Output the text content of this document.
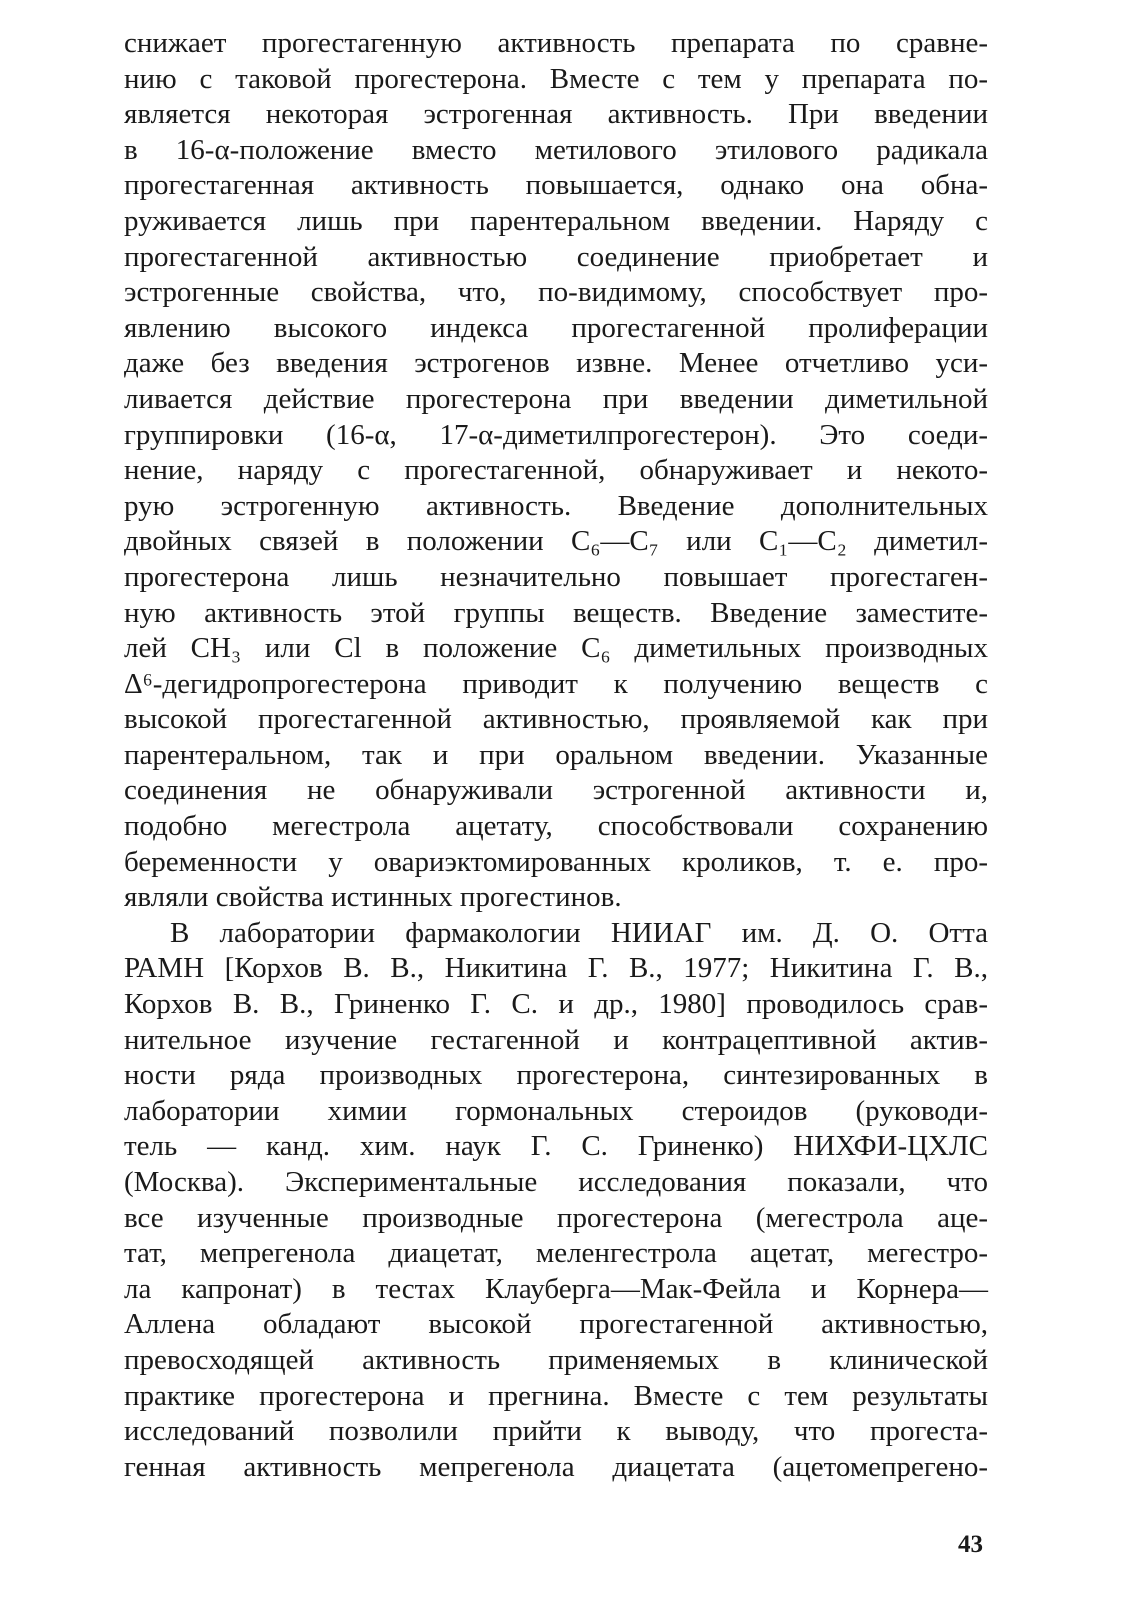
снижает прогестагенную активность препарата по сравне-
нию с таковой прогестерона. Вместе с тем у препарата по-
является некоторая эстрогенная активность. При введении
в 16-α-положение вместо метилового этилового радикала
прогестагенная активность повышается, однако она обна-
руживается лишь при парентеральном введении. Наряду с
прогестагенной активностью соединение приобретает и
эстрогенные свойства, что, по-видимому, способствует про-
явлению высокого индекса прогестагенной пролиферации
даже без введения эстрогенов извне. Менее отчетливо уси-
ливается действие прогестерона при введении диметильной
группировки (16-α, 17-α-диметилпрогестерон). Это соеди-
нение, наряду с прогестагенной, обнаруживает и некото-
рую эстрогенную активность. Введение дополнительных
двойных связей в положении C₆—C₇ или C₁—C₂ диметил-
прогестерона лишь незначительно повышает прогестаген-
ную активность этой группы веществ. Введение заместите-
лей CH₃ или Cl в положение C₆ диметильных производных
Δ⁶-дегидропрогестерона приводит к получению веществ с
высокой прогестагенной активностью, проявляемой как при
парентеральном, так и при оральном введении. Указанные
соединения не обнаруживали эстрогенной активности и,
подобно мегестрола ацетату, способствовали сохранению
беременности у овариэктомированных кроликов, т. е. про-
являли свойства истинных прогестинов.
В лаборатории фармакологии НИИАГ им. Д. О. Отта
РАМН [Корхов В. В., Никитина Г. В., 1977; Никитина Г. В.,
Корхов В. В., Гриненко Г. С. и др., 1980] проводилось срав-
нительное изучение гестагенной и контрацептивной актив-
ности ряда производных прогестерона, синтезированных в
лаборатории химии гормональных стероидов (руководи-
тель — канд. хим. наук Г. С. Гриненко) НИХФИ-ЦХЛС
(Москва). Экспериментальные исследования показали, что
все изученные производные прогестерона (мегестрола аце-
тат, мепрегенола диацетат, меленгестрола ацетат, мегестро-
ла капронат) в тестах Клауберга—Мак-Фейла и Корнера—
Аллена обладают высокой прогестагенной активностью,
превосходящей активность применяемых в клинической
практике прогестерона и прегнина. Вместе с тем результаты
исследований позволили прийти к выводу, что прогеста-
генная активность мепрегенола диацетата (ацетомепрегено-
43
